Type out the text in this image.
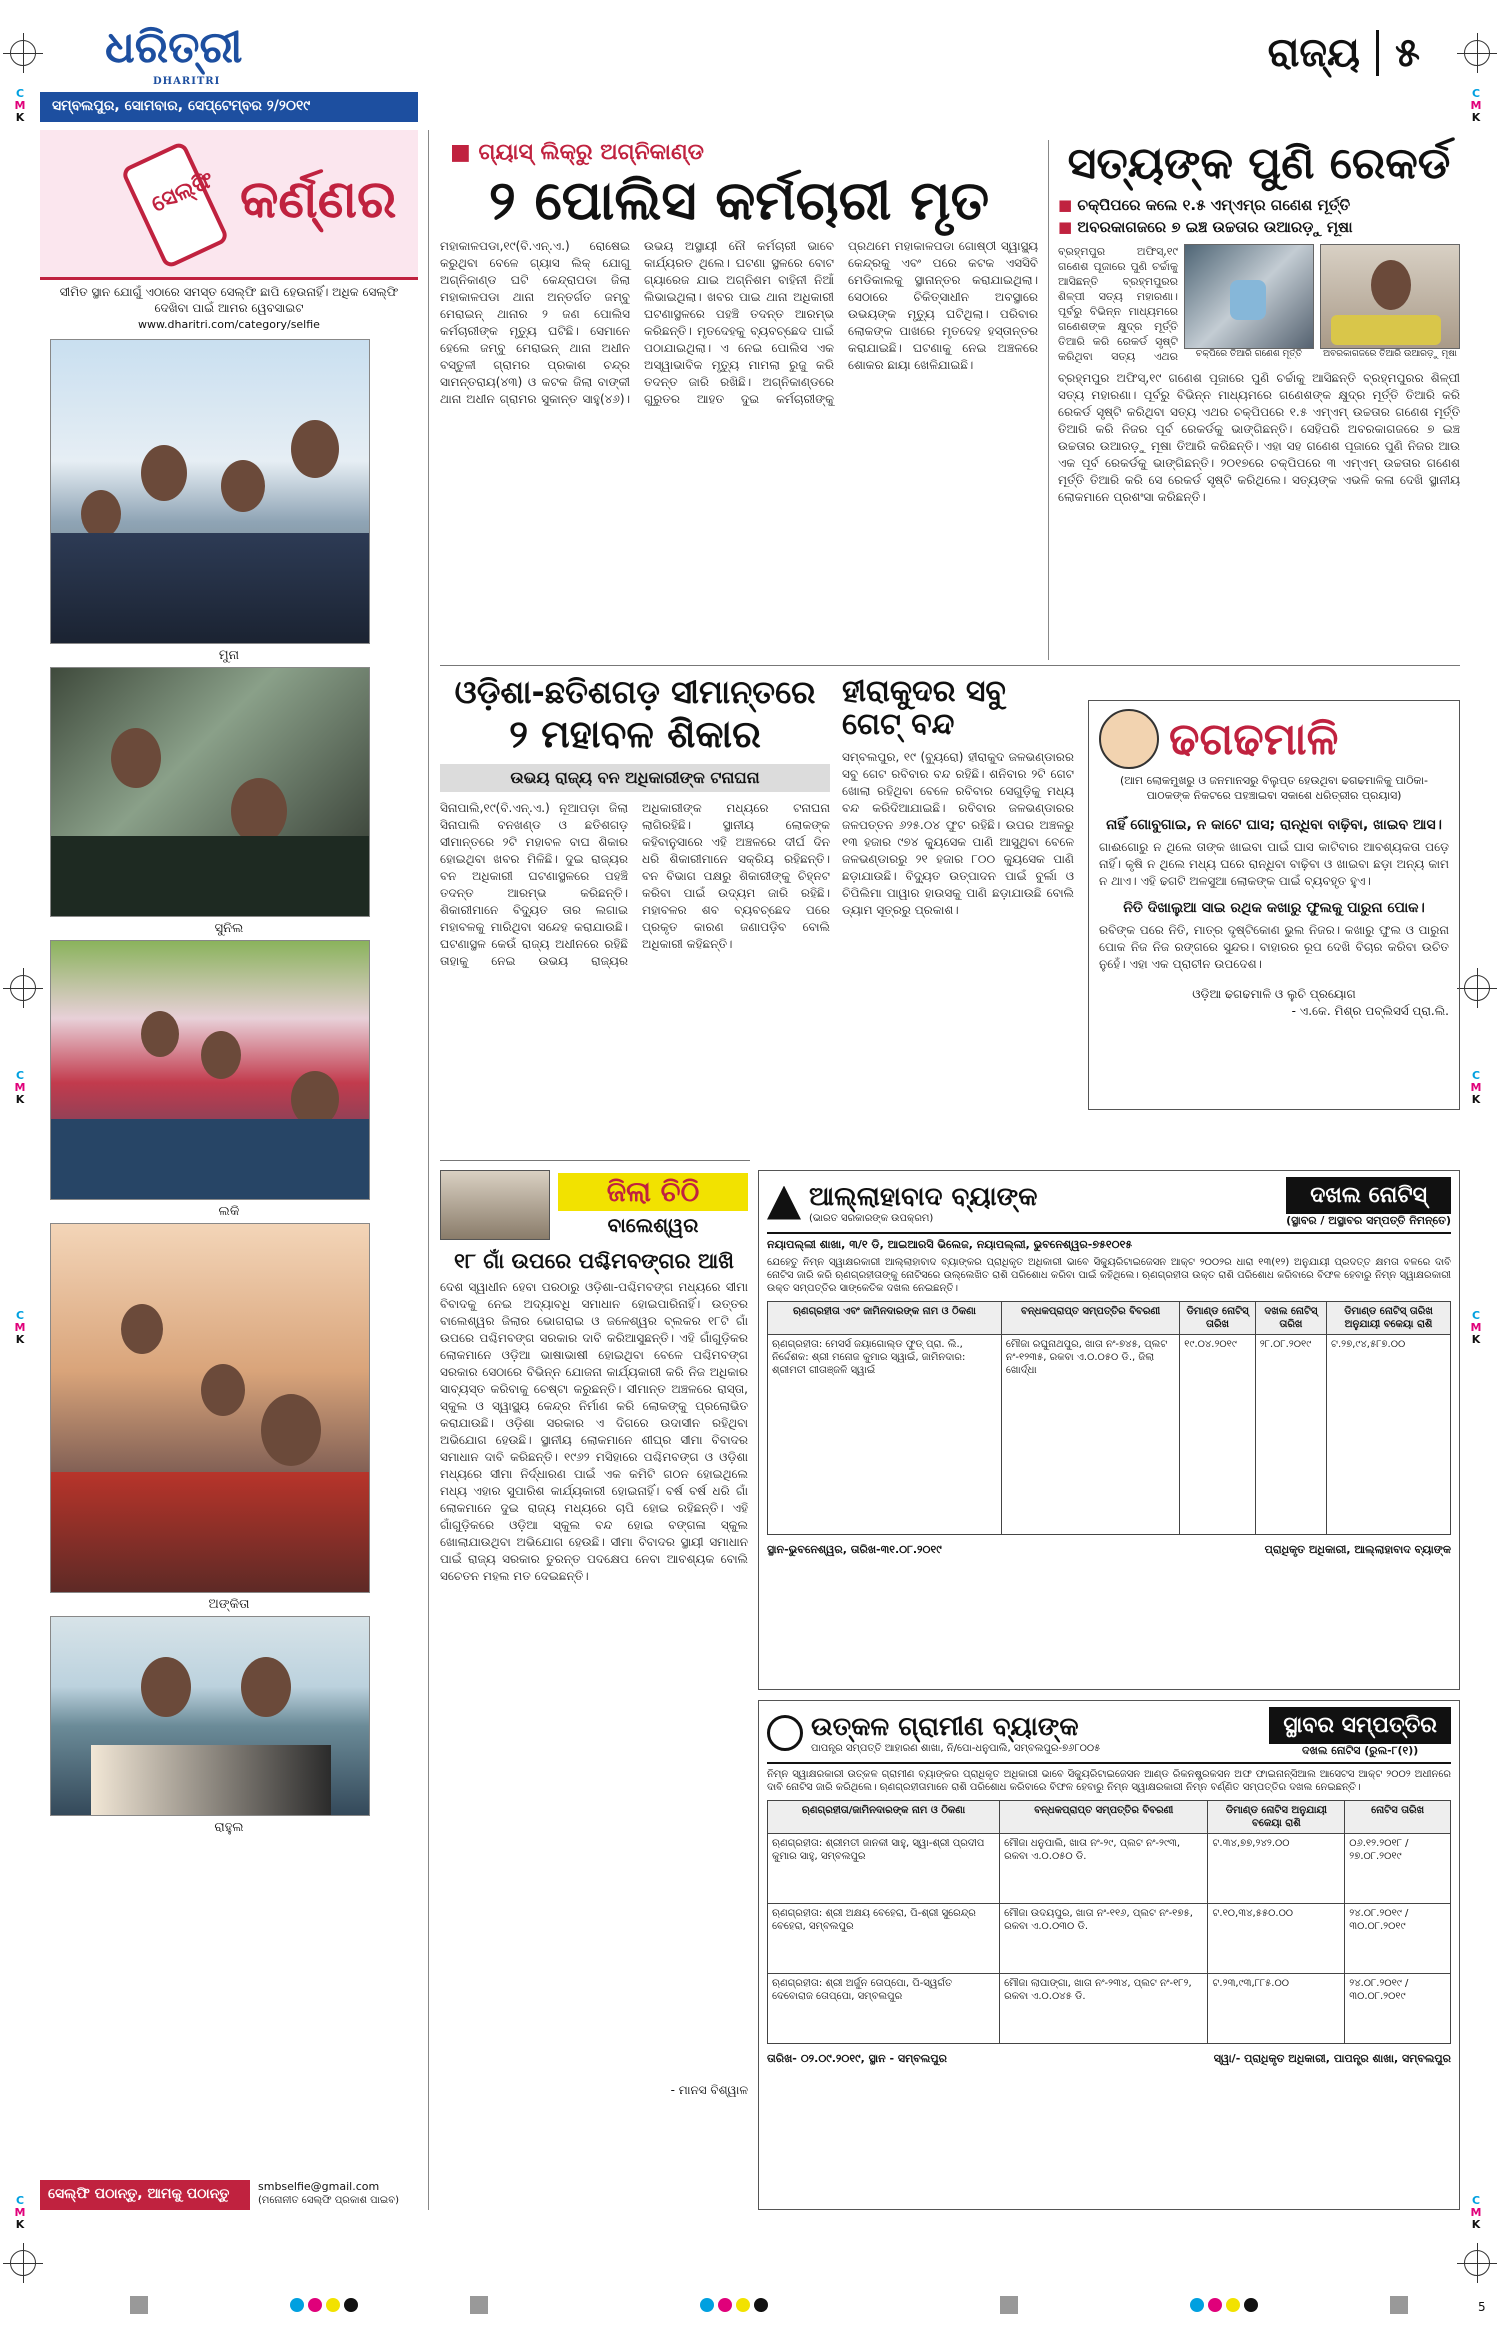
C
M
K
C
M
K
C
M
K
C
M
K
C
M
K
C
M
K
C
M
K
C
M
K
ଧରିତ୍ରୀ
DHARITRI
ସମ୍ବଲପୁର, ସୋମବାର, ସେପ୍ଟେମ୍ବର ୨/୨୦୧୯
ରାଜ୍ୟ ୫
ସେଲ୍ଫି କର୍ଣ୍ଣର
ସୀମିତ ସ୍ଥାନ ଯୋଗୁଁ ଏଠାରେ ସମସ୍ତ ସେଲ୍ଫି ଛାପି ହେଉନାହିଁ। ଅଧିକ ସେଲ୍ଫି ଦେଖିବା ପାଇଁ ଆମର ୱେବସାଇଟ
www.dharitri.com/category/selfie
ମୁନା
ସୁନିଲ
ଲକି
ଅଙ୍କିତା
ରାହୁଲ
ସେଲ୍ଫି ପଠାନ୍ତୁ, ଆମକୁ ପଠାନ୍ତୁ	smbselfie@gmail.com
(ମନୋନୀତ ସେଲ୍ଫି ପ୍ରକାଶ ପାଇବ)
■ ଗ୍ୟାସ୍ ଲିକ୍‌ରୁ ଅଗ୍ନିକାଣ୍ଡ
୨ ପୋଲିସ କର୍ମଚାରୀ ମୃତ
ମହାକାଳପଡା,୧୯(ବି.ଏନ୍.ଏ.) ରୋଷେଇ କରୁଥିବା ବେଳେ ଗ୍ୟାସ ଲିକ୍ ଯୋଗୁ ଅଗ୍ନିକାଣ୍ଡ ଘଟି କେନ୍ଦ୍ରାପଡା ଜିଲା ମହାକାଳପଡା ଥାନା ଅନ୍ତର୍ଗତ ଜମ୍ବୁ ମେରାଇନ୍ ଥାନାର ୨ ଜଣ ପୋଲିସ କର୍ମଚାରୀଙ୍କ ମୃତ୍ୟୁ ଘଟିଛି। ସେମାନେ ହେଲେ ଜମ୍ବୁ ମେରାଇନ୍ ଥାନା ଅଧୀନ ବସ୍ତୁଳୀ ଗ୍ରାମର ପ୍ରକାଶ ଚନ୍ଦ୍ର ସାମନ୍ତରାୟ(୪୩) ଓ କଟକ ଜିଲା ବାଙ୍କୀ ଥାନା ଅଧୀନ ଗ୍ରାମର ସୁକାନ୍ତ ସାହୁ(୪୬)। ଉଭୟ ଅସ୍ଥାୟୀ ନୌ କର୍ମଚାରୀ ଭାବେ କାର୍ଯ୍ୟରତ ଥିଲେ। ଘଟଣା ସ୍ଥଳରେ ବୋଟ ଗ୍ୟାରେଜ ଯାଇ ଅଗ୍ନିଶମ ବାହିନୀ ନିଆଁ ଲିଭାଇଥିଲା। ଖବର ପାଇ ଥାନା ଅଧିକାରୀ ଘଟଣାସ୍ଥଳରେ ପହଞ୍ଚି ତଦନ୍ତ ଆରମ୍ଭ କରିଛନ୍ତି। ମୃତଦେହକୁ ବ୍ୟବଚ୍ଛେଦ ପାଇଁ ପଠାଯାଇଥିଲା। ଏ ନେଇ ପୋଲିସ ଏକ ଅସ୍ୱାଭାବିକ ମୃତ୍ୟୁ ମାମଲା ରୁଜୁ କରି ତଦନ୍ତ ଜାରି ରଖିଛି। ଅଗ୍ନିକାଣ୍ଡରେ ଗୁରୁତର ଆହତ ଦୁଇ କର୍ମଚାରୀଙ୍କୁ ପ୍ରଥମେ ମହାକାଳପଡା ଗୋଷ୍ଠୀ ସ୍ୱାସ୍ଥ୍ୟ କେନ୍ଦ୍ରକୁ ଏବଂ ପରେ କଟକ ଏସସିବି ମେଡିକାଲକୁ ସ୍ଥାନାନ୍ତର କରାଯାଇଥିଲା। ସେଠାରେ ଚିକିତ୍ସାଧୀନ ଅବସ୍ଥାରେ ଉଭୟଙ୍କ ମୃତ୍ୟୁ ଘଟିଥିଲା। ପରିବାର ଲୋକଙ୍କ ପାଖରେ ମୃତଦେହ ହସ୍ତାନ୍ତର କରାଯାଇଛି। ଘଟଣାକୁ ନେଇ ଅଞ୍ଚଳରେ ଶୋକର ଛାୟା ଖେଳିଯାଇଛି।
ସତ୍ୟଙ୍କ ପୁଣି ରେକର୍ଡ
■ ଚକ୍ପିପରେ କଲେ ୧.୫ ଏମ୍ଏମ୍‌ର ଗଣେଶ ମୂର୍ତ୍ତି
■ ଅବରକାଗଜରେ ୭ ଇଞ୍ଚ ଉଚ୍ଚତାର ଉଆରଡ଼ୁ ମୂଷା
ବ୍ରହ୍ମପୁର ଅଫିସ୍,୧୯ ଗଣେଶ ପୂଜାରେ ପୁଣି ଚର୍ଚ୍ଚାକୁ ଆସିଛନ୍ତି ବ୍ରହ୍ମପୁରର ଶିଳ୍ପୀ ସତ୍ୟ ମହାରଣା। ପୂର୍ବରୁ ବିଭିନ୍ନ ମାଧ୍ୟମରେ ଗଣେଶଙ୍କ କ୍ଷୁଦ୍ର ମୂର୍ତ୍ତି ତିଆରି କରି ରେକର୍ଡ ସୃଷ୍ଟି କରିଥିବା ସତ୍ୟ ଏଥର	ଚକ୍ପିରେ ତିଆରି ଗଣେଶ ମୂର୍ତ୍ତି	ଅବରକାଗଜରେ ତିଆରି ଉଆରଡ଼ୁ ମୂଷା
ବ୍ରହ୍ମପୁର ଅଫିସ୍,୧୯ ଗଣେଶ ପୂଜାରେ ପୁଣି ଚର୍ଚ୍ଚାକୁ ଆସିଛନ୍ତି ବ୍ରହ୍ମପୁରର ଶିଳ୍ପୀ ସତ୍ୟ ମହାରଣା। ପୂର୍ବରୁ ବିଭିନ୍ନ ମାଧ୍ୟମରେ ଗଣେଶଙ୍କ କ୍ଷୁଦ୍ର ମୂର୍ତ୍ତି ତିଆରି କରି ରେକର୍ଡ ସୃଷ୍ଟି କରିଥିବା ସତ୍ୟ ଏଥର ଚକ୍ପିପରେ ୧.୫ ଏମ୍ଏମ୍ ଉଚ୍ଚତାର ଗଣେଶ ମୂର୍ତ୍ତି ତିଆରି କରି ନିଜର ପୂର୍ବ ରେକର୍ଡକୁ ଭାଙ୍ଗିଛନ୍ତି। ସେହିପରି ଅବରକାଗଜରେ ୭ ଇଞ୍ଚ ଉଚ୍ଚତାର ଉଆରଡ଼ୁ ମୂଷା ତିଆରି କରିଛନ୍ତି। ଏହା ସହ ଗଣେଶ ପୂଜାରେ ପୁଣି ନିଜର ଆଉ ଏକ ପୂର୍ବ ରେକର୍ଡକୁ ଭାଙ୍ଗିଛନ୍ତି। ୨୦୧୭ରେ ଚକ୍ପିପରେ ୩ ଏମ୍ଏମ୍ ଉଚ୍ଚତାର ଗଣେଶ ମୂର୍ତ୍ତି ତିଆରି କରି ସେ ରେକର୍ଡ ସୃଷ୍ଟି କରିଥିଲେ। ସତ୍ୟଙ୍କ ଏଭଳି କଳା ଦେଖି ସ୍ଥାନୀୟ ଲୋକମାନେ ପ୍ରଶଂସା କରିଛନ୍ତି।
ଓଡ଼ିଶା-ଛତିଶଗଡ଼ ସୀମାନ୍ତରେ
୨ ମହାବଳ ଶିକାର
ଉଭୟ ରାଜ୍ୟ ବନ ଅଧିକାରୀଙ୍କ ଟନାଘନା
ସିନାପାଲି,୧୯(ବି.ଏନ୍.ଏ.) ନୂଆପଡ଼ା ଜିଲା ସିନାପାଲି ବନଖଣ୍ଡ ଓ ଛତିଶଗଡ଼ ସୀମାନ୍ତରେ ୨ଟି ମହାବଳ ବାଘ ଶିକାର ହୋଇଥିବା ଖବର ମିଳିଛି। ଦୁଇ ରାଜ୍ୟର ବନ ଅଧିକାରୀ ଘଟଣାସ୍ଥଳରେ ପହଞ୍ଚି ତଦନ୍ତ ଆରମ୍ଭ କରିଛନ୍ତି। ଶିକାରୀମାନେ ବିଦ୍ୟୁତ ତାର ଲଗାଇ ମହାବଳକୁ ମାରିଥିବା ସନ୍ଦେହ କରାଯାଉଛି। ଘଟଣାସ୍ଥଳ କେଉଁ ରାଜ୍ୟ ଅଧୀନରେ ରହିଛି ତାହାକୁ ନେଇ ଉଭୟ ରାଜ୍ୟର ଅଧିକାରୀଙ୍କ ମଧ୍ୟରେ ଟନାଘନା ଲାଗିରହିଛି। ସ୍ଥାନୀୟ ଲୋକଙ୍କ କହିବାନୁସାରେ ଏହି ଅଞ୍ଚଳରେ ଦୀର୍ଘ ଦିନ ଧରି ଶିକାରୀମାନେ ସକ୍ରିୟ ରହିଛନ୍ତି। ବନ ବିଭାଗ ପକ୍ଷରୁ ଶିକାରୀଙ୍କୁ ଚିହ୍ନଟ କରିବା ପାଇଁ ଉଦ୍ୟମ ଜାରି ରହିଛି। ମହାବଳର ଶବ ବ୍ୟବଚ୍ଛେଦ ପରେ ପ୍ରକୃତ କାରଣ ଜଣାପଡ଼ିବ ବୋଲି ଅଧିକାରୀ କହିଛନ୍ତି।
ହୀରାକୁଦର ସବୁ ଗେଟ୍ ବନ୍ଦ
ସମ୍ବଲପୁର, ୧୯ (ବ୍ୟୁରୋ) ହୀରାକୁଦ ଜଳଭଣ୍ଡାରର ସବୁ ଗେଟ ରବିବାର ବନ୍ଦ ରହିଛି। ଶନିବାର ୨ଟି ଗେଟ ଖୋଲା ରହିଥିବା ବେଳେ ରବିବାର ସେଗୁଡ଼ିକୁ ମଧ୍ୟ ବନ୍ଦ କରିଦିଆଯାଇଛି। ରବିବାର ଜଳଭଣ୍ଡାରର ଜଳପତ୍ତନ ୬୨୫.୦୪ ଫୁଟ ରହିଛି। ଉପର ଅଞ୍ଚଳରୁ ୧୩ ହଜାର ୯୭୪ କ୍ୟୁସେକ ପାଣି ଆସୁଥିବା ବେଳେ ଜଳଭଣ୍ଡାରରୁ ୨୧ ହଜାର ୮୦୦ କ୍ୟୁସେକ ପାଣି ଛଡ଼ାଯାଉଛି। ବିଦ୍ୟୁତ ଉତ୍ପାଦନ ପାଇଁ ବୁର୍ଲା ଓ ଚିପିଲିମା ପାୱାର ହାଉସକୁ ପାଣି ଛଡ଼ାଯାଉଛି ବୋଲି ଡ୍ୟାମ ସୂତ୍ରରୁ ପ୍ରକାଶ।
ଢଗଢମାଳି
(ଆମ ଲୋକମୁଖରୁ ଓ ଜନମାନସରୁ ବିଲୁପ୍ତ ହେଉଥିବା ଢଗଢମାଳିକୁ ପାଠିକା-ପାଠକଙ୍କ ନିକଟରେ ପହଞ୍ଚାଇବା ସକାଶେ ଧରିତ୍ରୀର ପ୍ରୟାସ)
ନାହିଁ ଗୋବୁଗାଇ, ନ କାଟେ ଘାସ; ରାନ୍ଧିବା ବାଢ଼ିବା, ଖାଇବ ଆସ।
ଗାଈଗୋରୁ ନ ଥିଲେ ତାଙ୍କ ଖାଇବା ପାଇଁ ଘାସ କାଟିବାର ଆବଶ୍ୟକତା ପଡ଼େ ନାହିଁ। କୃଷି ନ ଥିଲେ ମଧ୍ୟ ଘରେ ରାନ୍ଧିବା ବାଢ଼ିବା ଓ ଖାଇବା ଛଡ଼ା ଅନ୍ୟ କାମ ନ ଥାଏ। ଏହି ଢଗଟି ଅଳସୁଆ ଲୋକଙ୍କ ପାଇଁ ବ୍ୟବହୃତ ହୁଏ।
ନିତି ଦିଖାଲୁଆ ସାଇ ରଥିକ କଖାରୁ ଫୁଲକୁ ପାରୁନା ପୋକ।
ରବିଙ୍କ ପରେ ନିତି, ମାତ୍ର ଦୃଷ୍ଟିକୋଣ ଭୁଲ ନିଜର। କଖାରୁ ଫୁଲ ଓ ପାରୁନା ପୋକ ନିଜ ନିଜ ରଙ୍ଗରେ ସୁନ୍ଦର। ବାହାରର ରୂପ ଦେଖି ବିଚାର କରିବା ଉଚିତ ନୁହେଁ। ଏହା ଏକ ପ୍ରାଚୀନ ଉପଦେଶ।
ଓଡ଼ିଆ ଢଗଢମାଳି ଓ ଲୁଚି ପ୍ରୟୋଗ
- ଏ.କେ. ମିଶ୍ର ପବ୍ଲିସର୍ସ ପ୍ରା.ଲି.
ଜିଲା ଚିଠି
ବାଲେଶ୍ୱର
୧୮ ଗାଁ ଉପରେ ପଶ୍ଚିମବଙ୍ଗର ଆଖି
ଦେଶ ସ୍ୱାଧୀନ ହେବା ପରଠାରୁ ଓଡ଼ିଶା-ପଶ୍ଚିମବଙ୍ଗ ମଧ୍ୟରେ ସୀମା ବିବାଦକୁ ନେଇ ଅଦ୍ୟାବଧି ସମାଧାନ ହୋଇପାରିନାହିଁ। ଉତ୍ତର ବାଲେଶ୍ୱର ଜିଲାର ଭୋଗରାଇ ଓ ଜଳେଶ୍ୱର ବ୍ଲକର ୧୮ଟି ଗାଁ ଉପରେ ପଶ୍ଚିମବଙ୍ଗ ସରକାର ଦାବି କରିଆସୁଛନ୍ତି। ଏହି ଗାଁଗୁଡ଼ିକର ଲୋକମାନେ ଓଡ଼ିଆ ଭାଷାଭାଷୀ ହୋଇଥିବା ବେଳେ ପଶ୍ଚିମବଙ୍ଗ ସରକାର ସେଠାରେ ବିଭିନ୍ନ ଯୋଜନା କାର୍ଯ୍ୟକାରୀ କରି ନିଜ ଅଧିକାର ସାବ୍ୟସ୍ତ କରିବାକୁ ଚେଷ୍ଟା କରୁଛନ୍ତି। ସୀମାନ୍ତ ଅଞ୍ଚଳରେ ରାସ୍ତା, ସ୍କୁଲ ଓ ସ୍ୱାସ୍ଥ୍ୟ କେନ୍ଦ୍ର ନିର୍ମାଣ କରି ଲୋକଙ୍କୁ ପ୍ରଲୋଭିତ କରାଯାଉଛି। ଓଡ଼ିଶା ସରକାର ଏ ଦିଗରେ ଉଦାସୀନ ରହିଥିବା ଅଭିଯୋଗ ହେଉଛି। ସ୍ଥାନୀୟ ଲୋକମାନେ ଶୀଘ୍ର ସୀମା ବିବାଦର ସମାଧାନ ଦାବି କରିଛନ୍ତି। ୧୯୬୨ ମସିହାରେ ପଶ୍ଚିମବଙ୍ଗ ଓ ଓଡ଼ିଶା ମଧ୍ୟରେ ସୀମା ନିର୍ଦ୍ଧାରଣ ପାଇଁ ଏକ କମିଟି ଗଠନ ହୋଇଥିଲେ ମଧ୍ୟ ଏହାର ସୁପାରିଶ କାର୍ଯ୍ୟକାରୀ ହୋଇନାହିଁ। ବର୍ଷ ବର୍ଷ ଧରି ଗାଁ ଲୋକମାନେ ଦୁଇ ରାଜ୍ୟ ମଧ୍ୟରେ ଚାପି ହୋଇ ରହିଛନ୍ତି। ଏହି ଗାଁଗୁଡ଼ିକରେ ଓଡ଼ିଆ ସ୍କୁଲ ବନ୍ଦ ହୋଇ ବଙ୍ଗଳା ସ୍କୁଲ ଖୋଲାଯାଉଥିବା ଅଭିଯୋଗ ହେଉଛି। ସୀମା ବିବାଦର ସ୍ଥାୟୀ ସମାଧାନ ପାଇଁ ରାଜ୍ୟ ସରକାର ତୁରନ୍ତ ପଦକ୍ଷେପ ନେବା ଆବଶ୍ୟକ ବୋଲି ସଚେତନ ମହଲ ମତ ଦେଇଛନ୍ତି।
- ମାନସ ବିଶ୍ୱାଳ
ଆଲ୍ଲାହାବାଦ ବ୍ୟାଙ୍କ
(ଭାରତ ସରକାରଙ୍କ ଉପକ୍ରମ)
ଦଖଲ ନୋଟିସ୍
(ସ୍ଥାବର / ଅସ୍ଥାବର ସମ୍ପତ୍ତି ନିମନ୍ତେ)
ନୟାପଲ୍ଲୀ ଶାଖା, ୩/୧ ଡି, ଆଇଆରସି ଭିଲେଜ, ନୟାପଲ୍ଲୀ, ଭୁବନେଶ୍ୱର-୭୫୧୦୧୫
ଯେହେତୁ ନିମ୍ନ ସ୍ୱାକ୍ଷରକାରୀ ଆଲ୍ଲାହାବାଦ ବ୍ୟାଙ୍କର ପ୍ରାଧିକୃତ ଅଧିକାରୀ ଭାବେ ସିକ୍ୟୁରିଟାଇଜେସନ ଆକ୍ଟ ୨୦୦୨ର ଧାରା ୧୩(୧୨) ଅନୁଯାୟୀ ପ୍ରଦତ୍ତ କ୍ଷମତା ବଳରେ ଦାବି ନୋଟିସ ଜାରି କରି ଋଣଗ୍ରହୀତାଙ୍କୁ ନୋଟିସରେ ଉଲ୍ଲେଖିତ ରାଶି ପରିଶୋଧ କରିବା ପାଇଁ କହିଥିଲେ। ଋଣଗ୍ରହୀତା ଉକ୍ତ ରାଶି ପରିଶୋଧ କରିବାରେ ବିଫଳ ହେବାରୁ ନିମ୍ନ ସ୍ୱାକ୍ଷରକାରୀ ଉକ୍ତ ସମ୍ପତ୍ତିର ସାଙ୍କେତିକ ଦଖଲ ନେଇଛନ୍ତି।
ଋଣଗ୍ରହୀତା ଏବଂ ଜାମିନଦାରଙ୍କ ନାମ ଓ ଠିକଣା	ବନ୍ଧକପ୍ରାପ୍ତ ସମ୍ପତ୍ତିର ବିବରଣୀ	ଡିମାଣ୍ଡ ନୋଟିସ୍ ତାରିଖ	ଦଖଲ ନୋଟିସ୍ ତାରିଖ	ଡିମାଣ୍ଡ ନୋଟିସ୍ ତାରିଖ ଅନୁଯାୟୀ ବକେୟା ରାଶି
ଋଣଗ୍ରହୀତା: ମେସର୍ସ ଜୟାଗୋଲ୍ଡ ଫୁଡ୍ ପ୍ରା. ଲି., ନିର୍ଦ୍ଦେଶକ: ଶ୍ରୀ ମନୋଜ କୁମାର ସ୍ୱାଇଁ, ଜାମିନଦାର: ଶ୍ରୀମତୀ ଗୀତାଞ୍ଜଳି ସ୍ୱାଇଁ	ମୌଜା ରଘୁନାଥପୁର, ଖାତା ନଂ-୭୪୫, ପ୍ଲଟ ନଂ-୧୨୩୫, ରକବା ଏ.୦.୦୫୦ ଡି., ଜିଲା ଖୋର୍ଦ୍ଧା	୧୯.୦୪.୨୦୧୯	୨୮.୦୮.୨୦୧୯	ଟ.୨୭,୯୪,୫୮୭.୦୦
ସ୍ଥାନ-ଭୁବନେଶ୍ୱର, ତାରିଖ-୩୧.୦୮.୨୦୧୯	ପ୍ରାଧିକୃତ ଅଧିକାରୀ, ଆଲ୍ଲାହାବାଦ ବ୍ୟାଙ୍କ
ଉତ୍କଳ ଗ୍ରାମୀଣ ବ୍ୟାଙ୍କ
ପାପନ୍ତ୍ର ସମ୍ପତ୍ତି ଆହାରଣ ଶାଖା, ନି/ପୋ-ଧନୁପାଲି, ସମ୍ବଲପୁର-୭୬୮୦୦୫
ସ୍ଥାବର ସମ୍ପତ୍ତିର
ଦଖଲ ନୋଟିସ (ରୁଲ-୮(୧))
ନିମ୍ନ ସ୍ୱାକ୍ଷରକାରୀ ଉତ୍କଳ ଗ୍ରାମୀଣ ବ୍ୟାଙ୍କର ପ୍ରାଧିକୃତ ଅଧିକାରୀ ଭାବେ ସିକ୍ୟୁରିଟାଇଜେସନ ଆଣ୍ଡ ରିକନଷ୍ଟ୍ରକସନ ଅଫ ଫାଇନାନ୍ସିଆଲ ଆସେଟସ ଆକ୍ଟ ୨୦୦୨ ଅଧୀନରେ ଦାବି ନୋଟିସ ଜାରି କରିଥିଲେ। ଋଣଗ୍ରହୀତାମାନେ ରାଶି ପରିଶୋଧ କରିବାରେ ବିଫଳ ହେବାରୁ ନିମ୍ନ ସ୍ୱାକ୍ଷରକାରୀ ନିମ୍ନ ବର୍ଣ୍ଣିତ ସମ୍ପତ୍ତିର ଦଖଲ ନେଇଛନ୍ତି।
ଋଣଗ୍ରହୀତା/ଜାମିନଦାରଙ୍କ ନାମ ଓ ଠିକଣା	ବନ୍ଧକପ୍ରାପ୍ତ ସମ୍ପତ୍ତିର ବିବରଣୀ	ଡିମାଣ୍ଡ ନୋଟିସ ଅନୁଯାୟୀ ବକେୟା ରାଶି	ନୋଟିସ ତାରିଖ
ଋଣଗ୍ରହୀତା: ଶ୍ରୀମତୀ ଜାନକୀ ସାହୁ, ସ୍ୱା-ଶ୍ରୀ ପ୍ରଦୀପ କୁମାର ସାହୁ, ସମ୍ବଲପୁର	ମୌଜା ଧନୁପାଲି, ଖାତା ନଂ-୨୯, ପ୍ଲଟ ନଂ-୨୯୩, ରକବା ଏ.୦.୦୫୦ ଡି.	ଟ.୩୪,୭୭,୨୪୨.୦୦	୦୬.୧୨.୨୦୧୮ / ୨୭.୦୮.୨୦୧୯
ଋଣଗ୍ରହୀତା: ଶ୍ରୀ ଅକ୍ଷୟ ବେହେରା, ପି-ଶ୍ରୀ ସୁରେନ୍ଦ୍ର ବେହେରା, ସମ୍ବଲପୁର	ମୌଜା ଉଦୟପୁର, ଖାତା ନଂ-୧୧୬, ପ୍ଲଟ ନଂ-୧୭୫, ରକବା ଏ.୦.୦୩୦ ଡି.	ଟ.୧୦,୩୪,୫୫୦.୦୦	୨୪.୦୮.୨୦୧୯ / ୩୦.୦୮.୨୦୧୯
ଋଣଗ୍ରହୀତା: ଶ୍ରୀ ଅର୍ଜୁନ ତୋପ୍ପୋ, ପି-ସ୍ୱର୍ଗତ ଦେବୋରାଜ ତୋପ୍ପୋ, ସମ୍ବଲପୁର	ମୌଜା ଲାପାଙ୍ଗା, ଖାତା ନଂ-୨୩୪, ପ୍ଲଟ ନଂ-୧୮୨, ରକବା ଏ.୦.୦୪୫ ଡି.	ଟ.୨୩,୯୩,୮୮୫.୦୦	୨୪.୦୮.୨୦୧୯ / ୩୦.୦୮.୨୦୧୯
ତାରିଖ- ୦୨.୦୯.୨୦୧୯, ସ୍ଥାନ - ସମ୍ବଲପୁର	ସ୍ୱା/- ପ୍ରାଧିକୃତ ଅଧିକାରୀ, ପାପନ୍ତ୍ର ଶାଖା, ସମ୍ବଲପୁର
5
